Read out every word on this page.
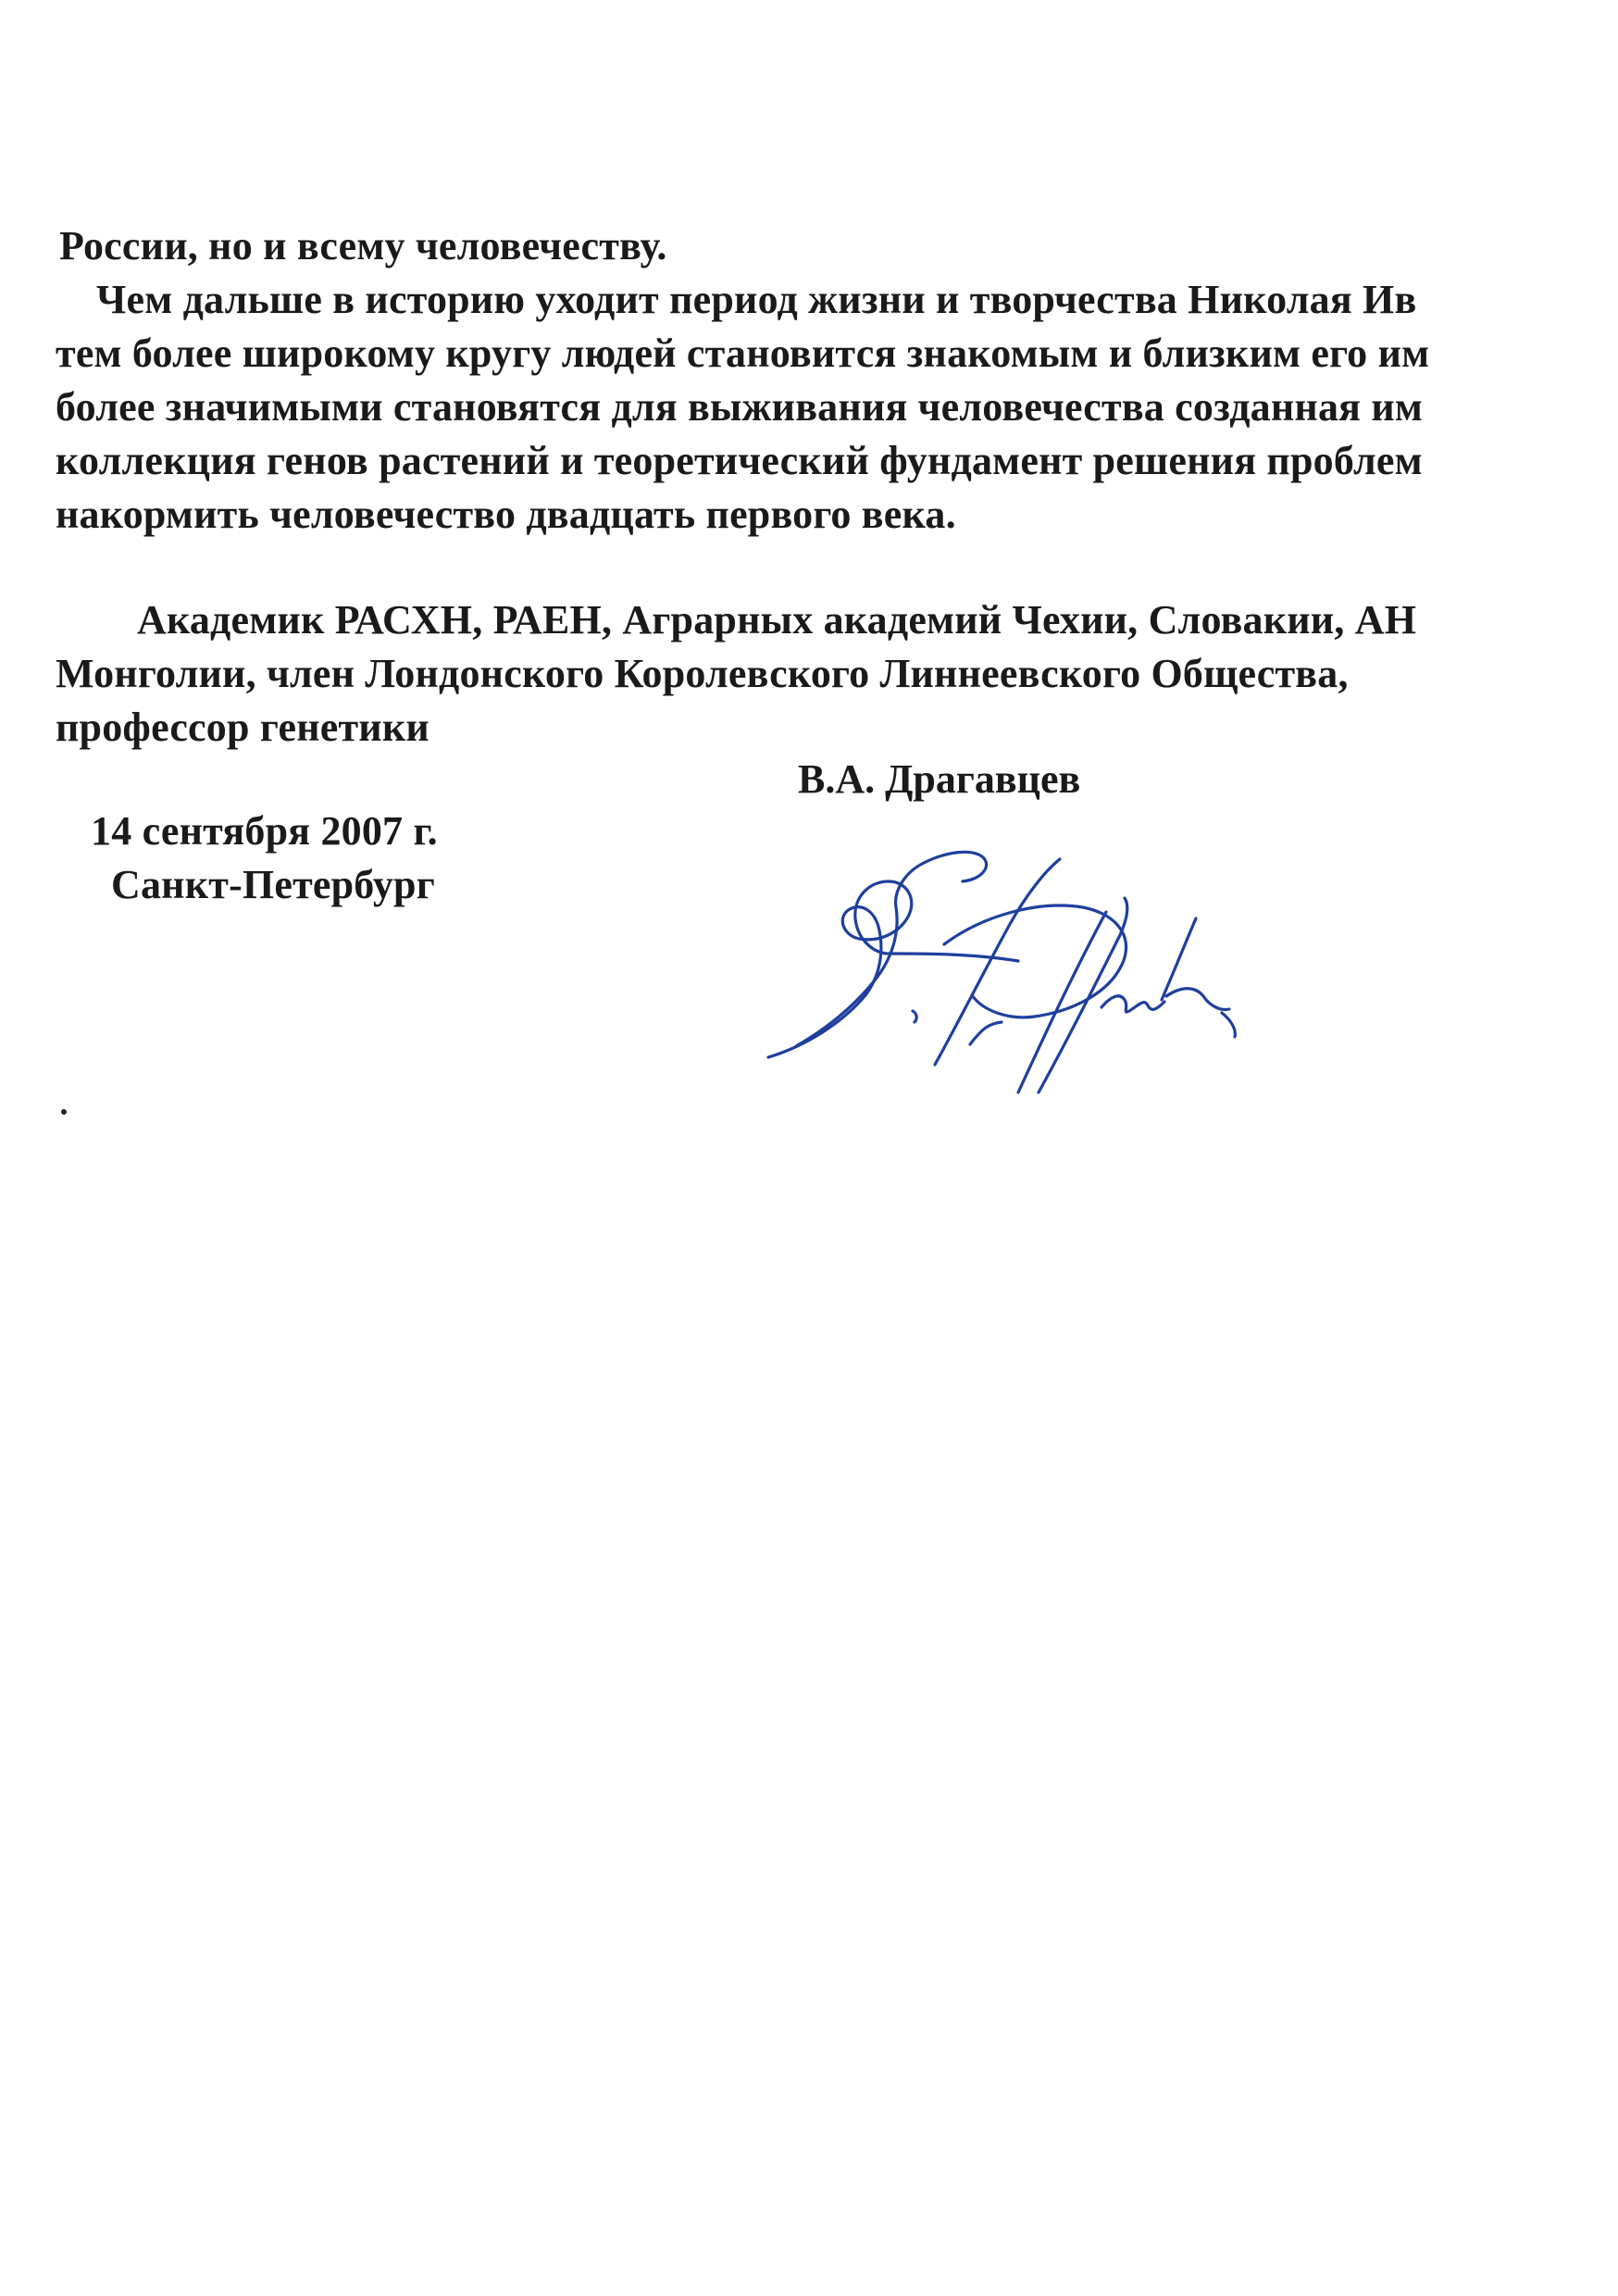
России, но и всему человечеству.
Чем дальше в историю уходит период жизни и творчества Николая Ив
тем более широкому кругу людей становится знакомым и близким его им
более значимыми становятся для выживания человечества созданная им
коллекция генов растений и теоретический фундамент решения проблем
накормить человечество двадцать первого века.
Академик РАСХН, РАЕН, Аграрных академий Чехии, Словакии, АН
Монголии, член Лондонского Королевского Линнеевского Общества,
профессор генетики
В.А. Драгавцев
14 сентября 2007 г.
Санкт-Петербург
